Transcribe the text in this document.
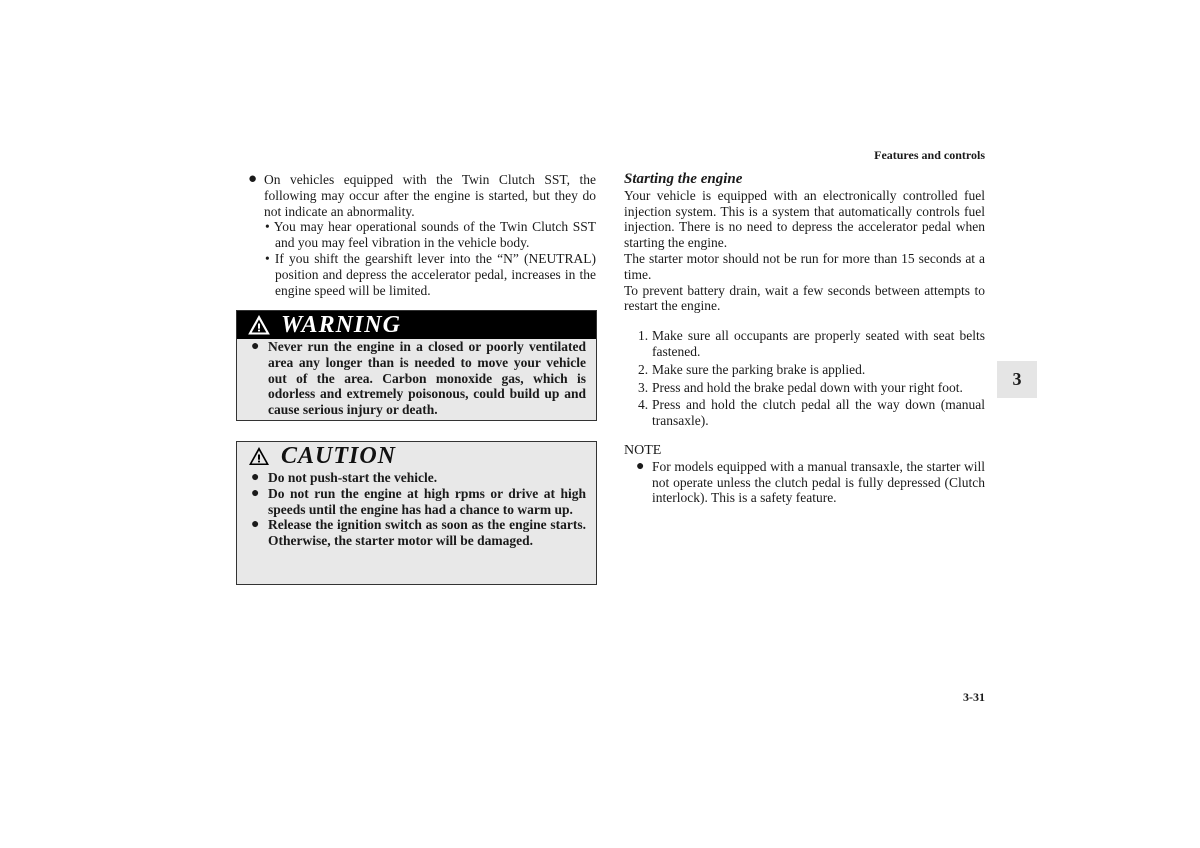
Features and controls
● On vehicles equipped with the Twin Clutch SST, the following may occur after the engine is started, but they do not indicate an abnormality.
• You may hear operational sounds of the Twin Clutch SST and you may feel vibration in the vehicle body.
• If you shift the gearshift lever into the “N” (NEUTRAL) position and depress the accelerator pedal, increases in the engine speed will be limited.
WARNING
● Never run the engine in a closed or poorly ventilated area any longer than is needed to move your vehicle out of the area. Carbon monoxide gas, which is odorless and extremely poisonous, could build up and cause serious injury or death.
CAUTION
● Do not push-start the vehicle.
● Do not run the engine at high rpms or drive at high speeds until the engine has had a chance to warm up.
● Release the ignition switch as soon as the engine starts. Otherwise, the starter motor will be damaged.
Starting the engine
Your vehicle is equipped with an electronically controlled fuel injection system. This is a system that automatically controls fuel injection. There is no need to depress the accelerator pedal when starting the engine.
The starter motor should not be run for more than 15 seconds at a time.
To prevent battery drain, wait a few seconds between attempts to restart the engine.
1. Make sure all occupants are properly seated with seat belts fastened.
2. Make sure the parking brake is applied.
3. Press and hold the brake pedal down with your right foot.
4. Press and hold the clutch pedal all the way down (manual transaxle).
NOTE
● For models equipped with a manual transaxle, the starter will not operate unless the clutch pedal is fully depressed (Clutch interlock). This is a safety feature.
3
3-31
